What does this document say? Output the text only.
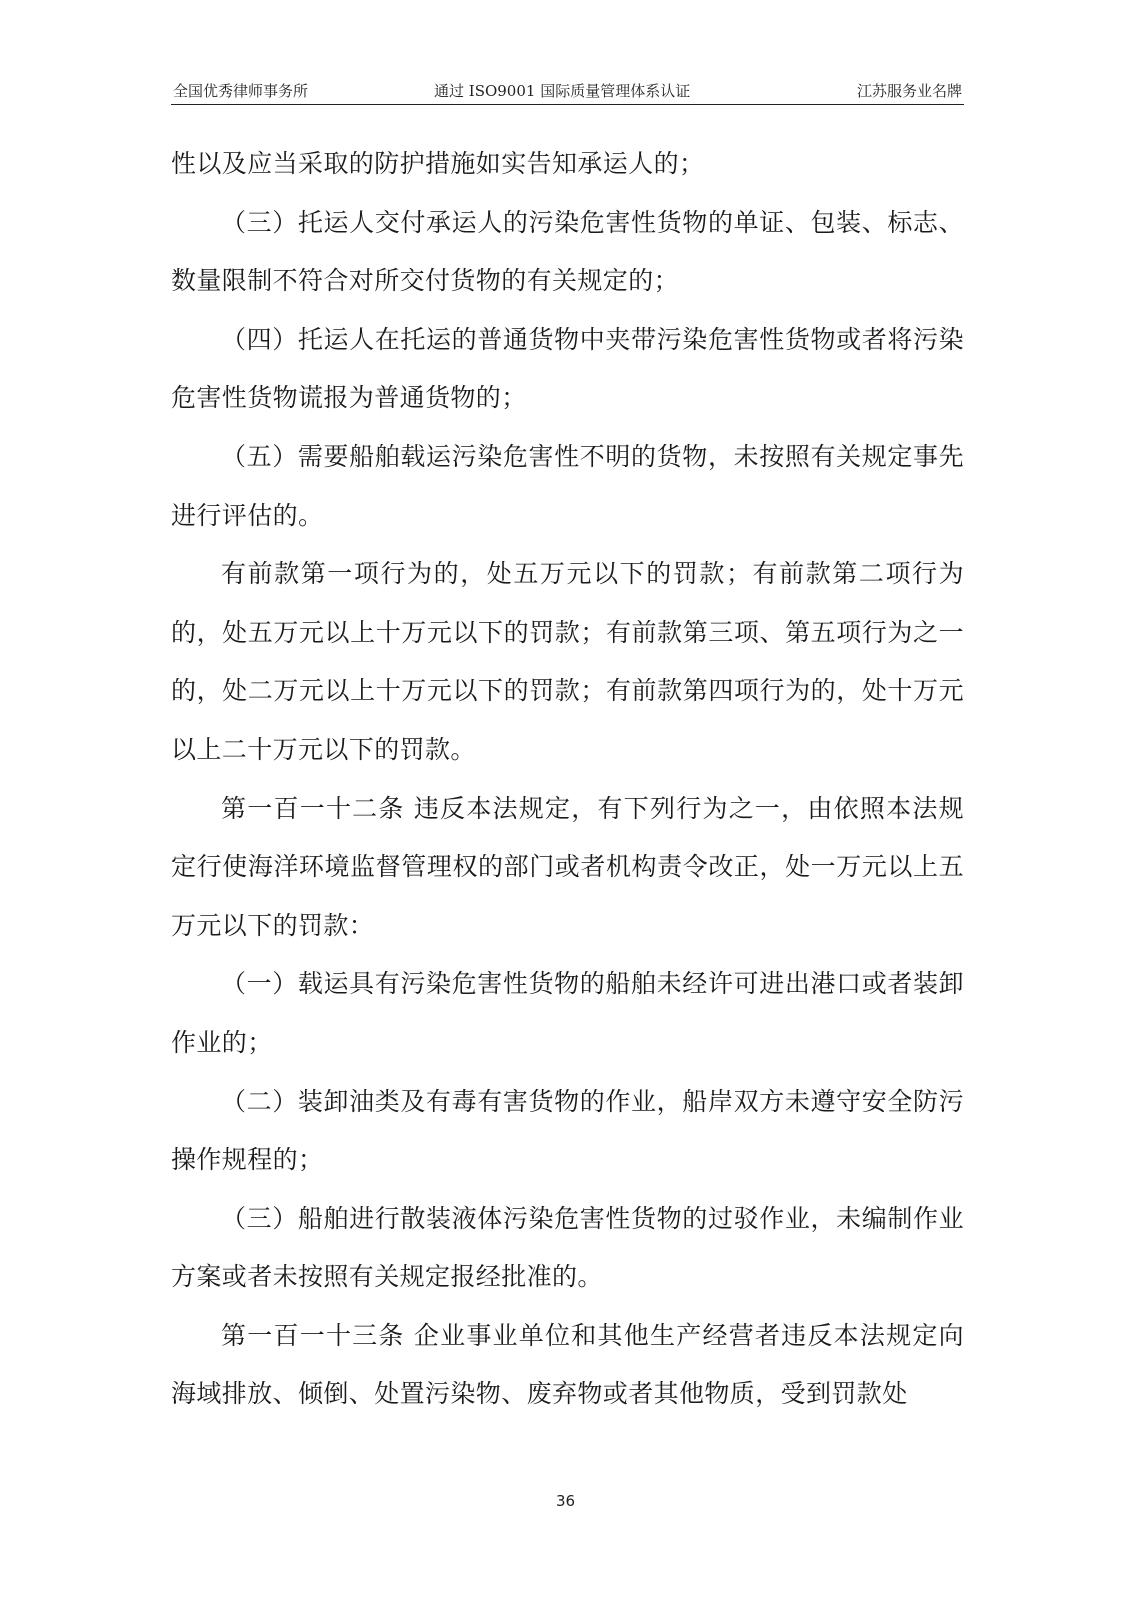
全国优秀律师事务所	通过 ISO9001 国际质量管理体系认证	江苏服务业名牌

性以及应当采取的防护措施如实告知承运人的；

（三）托运人交付承运人的污染危害性货物的单证、包装、标志、数量限制不符合对所交付货物的有关规定的；

（四）托运人在托运的普通货物中夹带污染危害性货物或者将污染危害性货物谎报为普通货物的；

（五）需要船舶载运污染危害性不明的货物，未按照有关规定事先进行评估的。

有前款第一项行为的，处五万元以下的罚款；有前款第二项行为的，处五万元以上十万元以下的罚款；有前款第三项、第五项行为之一的，处二万元以上十万元以下的罚款；有前款第四项行为的，处十万元以上二十万元以下的罚款。

第一百一十二条 违反本法规定，有下列行为之一，由依照本法规定行使海洋环境监督管理权的部门或者机构责令改正，处一万元以上五万元以下的罚款：

（一）载运具有污染危害性货物的船舶未经许可进出港口或者装卸作业的；

（二）装卸油类及有毒有害货物的作业，船岸双方未遵守安全防污操作规程的；

（三）船舶进行散装液体污染危害性货物的过驳作业，未编制作业方案或者未按照有关规定报经批准的。

第一百一十三条 企业事业单位和其他生产经营者违反本法规定向海域排放、倾倒、处置污染物、废弃物或者其他物质，受到罚款处

36
